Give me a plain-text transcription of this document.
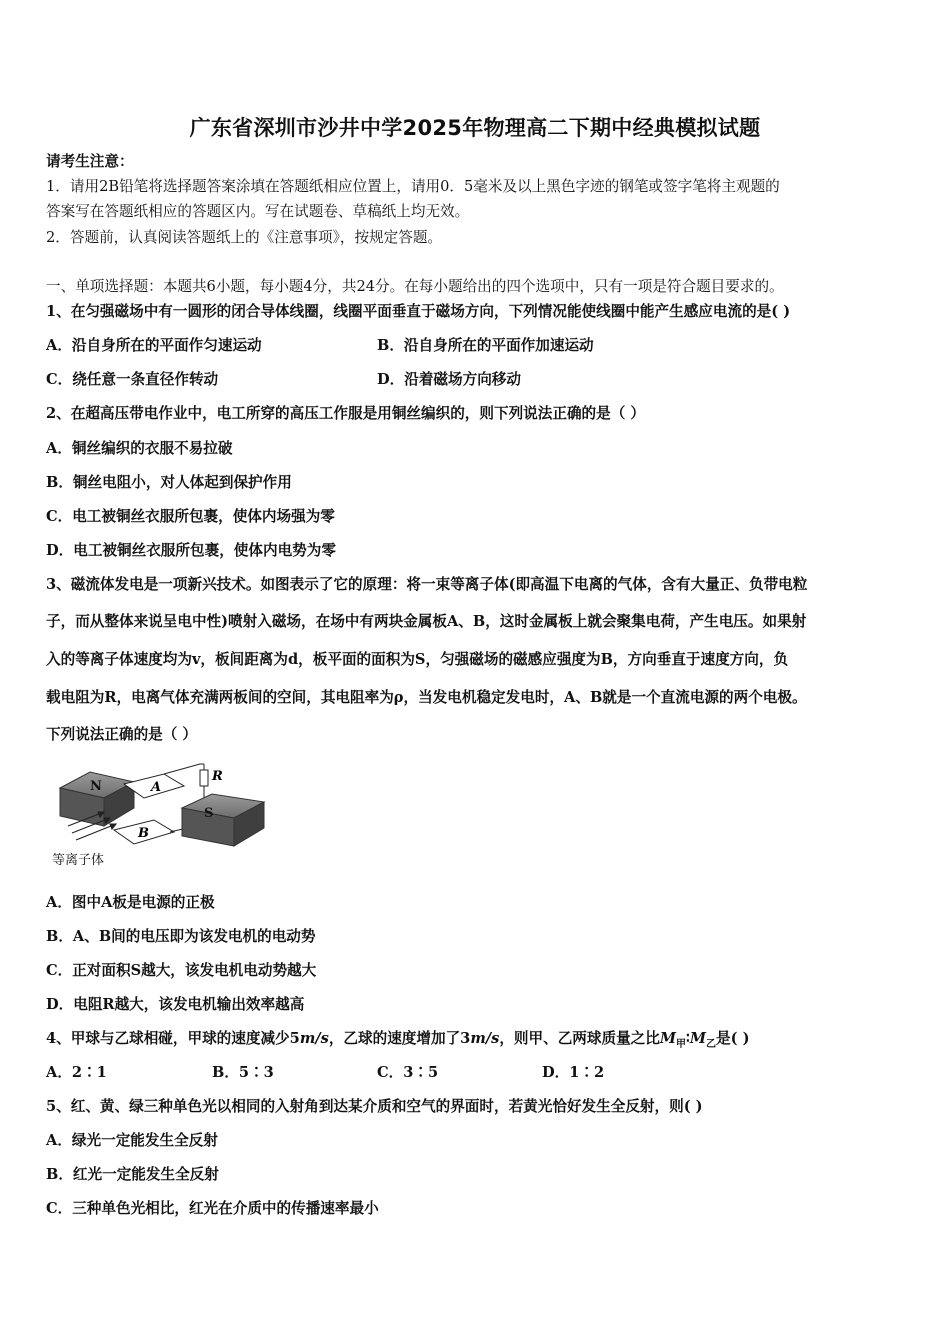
广东省深圳市沙井中学2025年物理高二下期中经典模拟试题
请考生注意：
1．请用2B铅笔将选择题答案涂填在答题纸相应位置上，请用0．5毫米及以上黑色字迹的钢笔或签字笔将主观题的
答案写在答题纸相应的答题区内。写在试题卷、草稿纸上均无效。
2．答题前，认真阅读答题纸上的《注意事项》，按规定答题。
一、单项选择题：本题共6小题，每小题4分，共24分。在每小题给出的四个选项中，只有一项是符合题目要求的。
1、在匀强磁场中有一圆形的闭合导体线圈，线圈平面垂直于磁场方向，下列情况能使线圈中能产生感应电流的是( )
A．沿自身所在的平面作匀速运动	B．沿自身所在的平面作加速运动
C．绕任意一条直径作转动	D．沿着磁场方向移动
2、在超高压带电作业中，电工所穿的高压工作服是用铜丝编织的，则下列说法正确的是（ ）
A．铜丝编织的衣服不易拉破
B．铜丝电阻小，对人体起到保护作用
C．电工被铜丝衣服所包裹，使体内场强为零
D．电工被铜丝衣服所包裹，使体内电势为零
3、磁流体发电是一项新兴技术。如图表示了它的原理：将一束等离子体(即高温下电离的气体，含有大量正、负带电粒
子，而从整体来说呈电中性)喷射入磁场，在场中有两块金属板A、B，这时金属板上就会聚集电荷，产生电压。如果射
入的等离子体速度均为v，板间距离为d，板平面的面积为S，匀强磁场的磁感应强度为B，方向垂直于速度方向，负
载电阻为R，电离气体充满两板间的空间，其电阻率为ρ，当发电机稳定发电时，A、B就是一个直流电源的两个电极。
下列说法正确的是（ ）
N	A
B
R
S
等离子体
A．图中A板是电源的正极
B．A、B间的电压即为该发电机的电动势
C．正对面积S越大，该发电机电动势越大
D．电阻R越大，该发电机输出效率越高
4、甲球与乙球相碰，甲球的速度减少5m/s，乙球的速度增加了3m/s，则甲、乙两球质量之比$M_甲∶M_乙$是( )
A．2∶1	B．5∶3	C．3∶5	D．1∶2
5、红、黄、绿三种单色光以相同的入射角到达某介质和空气的界面时，若黄光恰好发生全反射，则( )
A．绿光一定能发生全反射
B．红光一定能发生全反射
C．三种单色光相比，红光在介质中的传播速率最小
